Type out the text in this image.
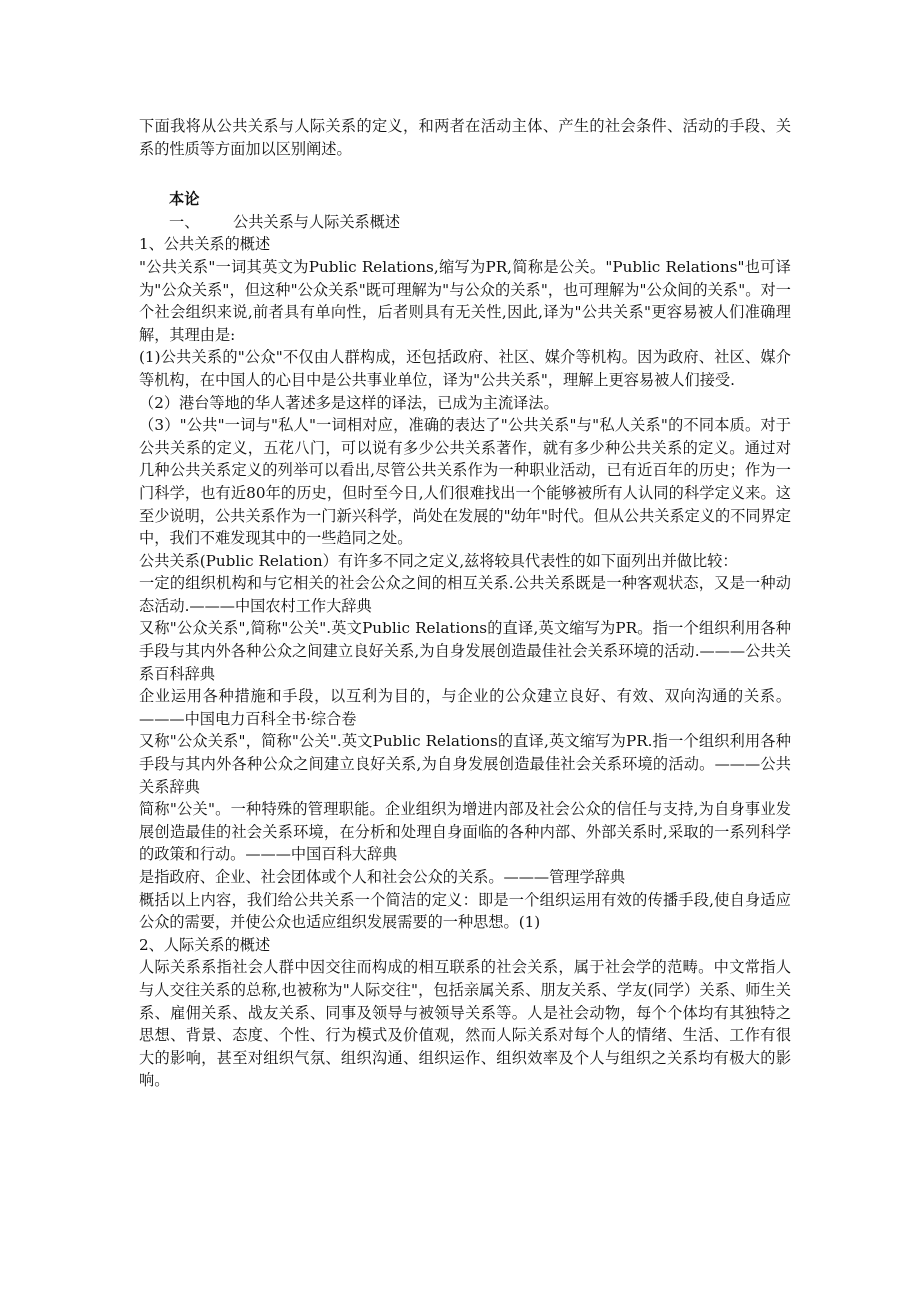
下面我将从公共关系与人际关系的定义，和两者在活动主体、产生的社会条件、活动的手段、关系的性质等方面加以区别阐述。

本论

一、 公共关系与人际关系概述

1、公共关系的概述

"公共关系"一词其英文为Public Relations,缩写为PR,简称是公关。"Public Relations"也可译为"公众关系"，但这种"公众关系"既可理解为"与公众的关系"，也可理解为"公众间的关系"。对一个社会组织来说,前者具有单向性，后者则具有无关性,因此,译为"公共关系"更容易被人们准确理解，其理由是:

(1)公共关系的"公众"不仅由人群构成，还包括政府、社区、媒介等机构。因为政府、社区、媒介等机构，在中国人的心目中是公共事业单位，译为"公共关系"，理解上更容易被人们接受.

（2）港台等地的华人著述多是这样的译法，已成为主流译法。

（3）"公共"一词与"私人"一词相对应，准确的表达了"公共关系"与"私人关系"的不同本质。对于公共关系的定义，五花八门，可以说有多少公共关系著作，就有多少种公共关系的定义。通过对几种公共关系定义的列举可以看出,尽管公共关系作为一种职业活动，已有近百年的历史；作为一门科学，也有近80年的历史，但时至今日,人们很难找出一个能够被所有人认同的科学定义来。这至少说明，公共关系作为一门新兴科学，尚处在发展的"幼年"时代。但从公共关系定义的不同界定中，我们不难发现其中的一些趋同之处。

公共关系(Public Relation）有许多不同之定义,兹将较具代表性的如下面列出并做比较：

一定的组织机构和与它相关的社会公众之间的相互关系.公共关系既是一种客观状态，又是一种动态活动.———中国农村工作大辞典

又称"公众关系",简称"公关".英文Public Relations的直译,英文缩写为PR。指一个组织利用各种手段与其内外各种公众之间建立良好关系,为自身发展创造最佳社会关系环境的活动.———公共关系百科辞典

企业运用各种措施和手段，以互利为目的，与企业的公众建立良好、有效、双向沟通的关系。———中国电力百科全书·综合卷

又称"公众关系"，简称"公关".英文Public Relations的直译,英文缩写为PR.指一个组织利用各种手段与其内外各种公众之间建立良好关系,为自身发展创造最佳社会关系环境的活动。———公共关系辞典

简称"公关"。一种特殊的管理职能。企业组织为增进内部及社会公众的信任与支持,为自身事业发展创造最佳的社会关系环境，在分析和处理自身面临的各种内部、外部关系时,采取的一系列科学的政策和行动。———中国百科大辞典

是指政府、企业、社会团体或个人和社会公众的关系。———管理学辞典

概括以上内容，我们给公共关系一个简洁的定义：即是一个组织运用有效的传播手段,使自身适应公众的需要，并使公众也适应组织发展需要的一种思想。(1)

2、人际关系的概述

人际关系系指社会人群中因交往而构成的相互联系的社会关系，属于社会学的范畴。中文常指人与人交往关系的总称,也被称为"人际交往"，包括亲属关系、朋友关系、学友(同学）关系、师生关系、雇佣关系、战友关系、同事及领导与被领导关系等。人是社会动物，每个个体均有其独特之思想、背景、态度、个性、行为模式及价值观，然而人际关系对每个人的情绪、生活、工作有很大的影响，甚至对组织气氛、组织沟通、组织运作、组织效率及个人与组织之关系均有极大的影响。
